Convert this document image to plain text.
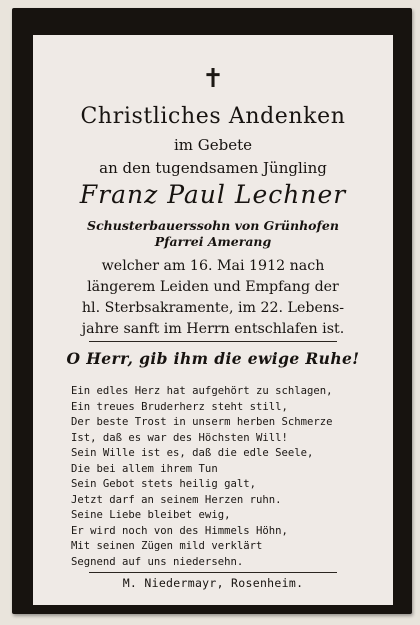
✝
Christliches Andenken
im Gebete
an den tugendsamen Jüngling
Franz Paul Lechner
Schusterbauerssohn von Grünhofen
Pfarrei Amerang
welcher am 16. Mai 1912 nach
längerem Leiden und Empfang der
hl. Sterbsakramente, im 22. Lebens-
jahre sanft im Herrn entschlafen ist.
O Herr, gib ihm die ewige Ruhe!
Ein edles Herz hat aufgehört zu schlagen,
Ein treues Bruderherz steht still,
Der beste Trost in unserm herben Schmerze
Ist, daß es war des Höchsten Will!
Sein Wille ist es, daß die edle Seele,
Die bei allem ihrem Tun
Sein Gebot stets heilig galt,
Jetzt darf an seinem Herzen ruhn.
Seine Liebe bleibet ewig,
Er wird noch von des Himmels Höhn,
Mit seinen Zügen mild verklärt
Segnend auf uns niedersehn.
M. Niedermayr, Rosenheim.
